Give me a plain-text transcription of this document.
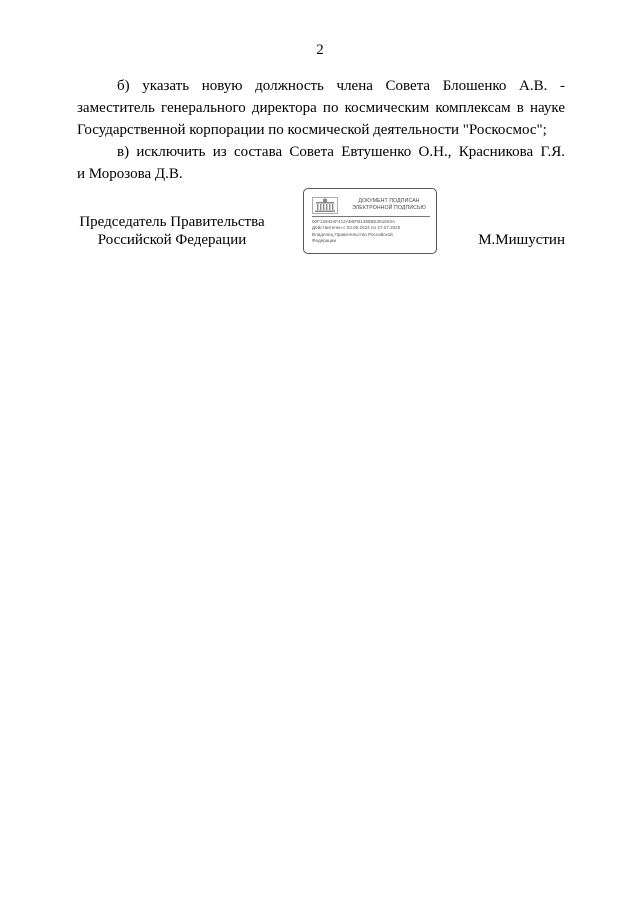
2
б) указать новую должность члена Совета Блошенко А.В. -
заместитель генерального директора по космическим комплексам в науке
Государственной корпорации по космической деятельности "Роскосмос";
в) исключить из состава Совета Евтушенко О.Н., Красникова Г.Я.
и Морозова Д.В.
Председатель Правительства
Российской Федерации
ДОКУМЕНТ ПОДПИСАН
ЭЛЕКТРОННОЙ ПОДПИСЬЮ
00F129424F412AB5FB1398BE281603A
Действителен с 03.05.2024 по 27.07.2025
Владелец Правительство Российской
Федерации	М.Мишустин
